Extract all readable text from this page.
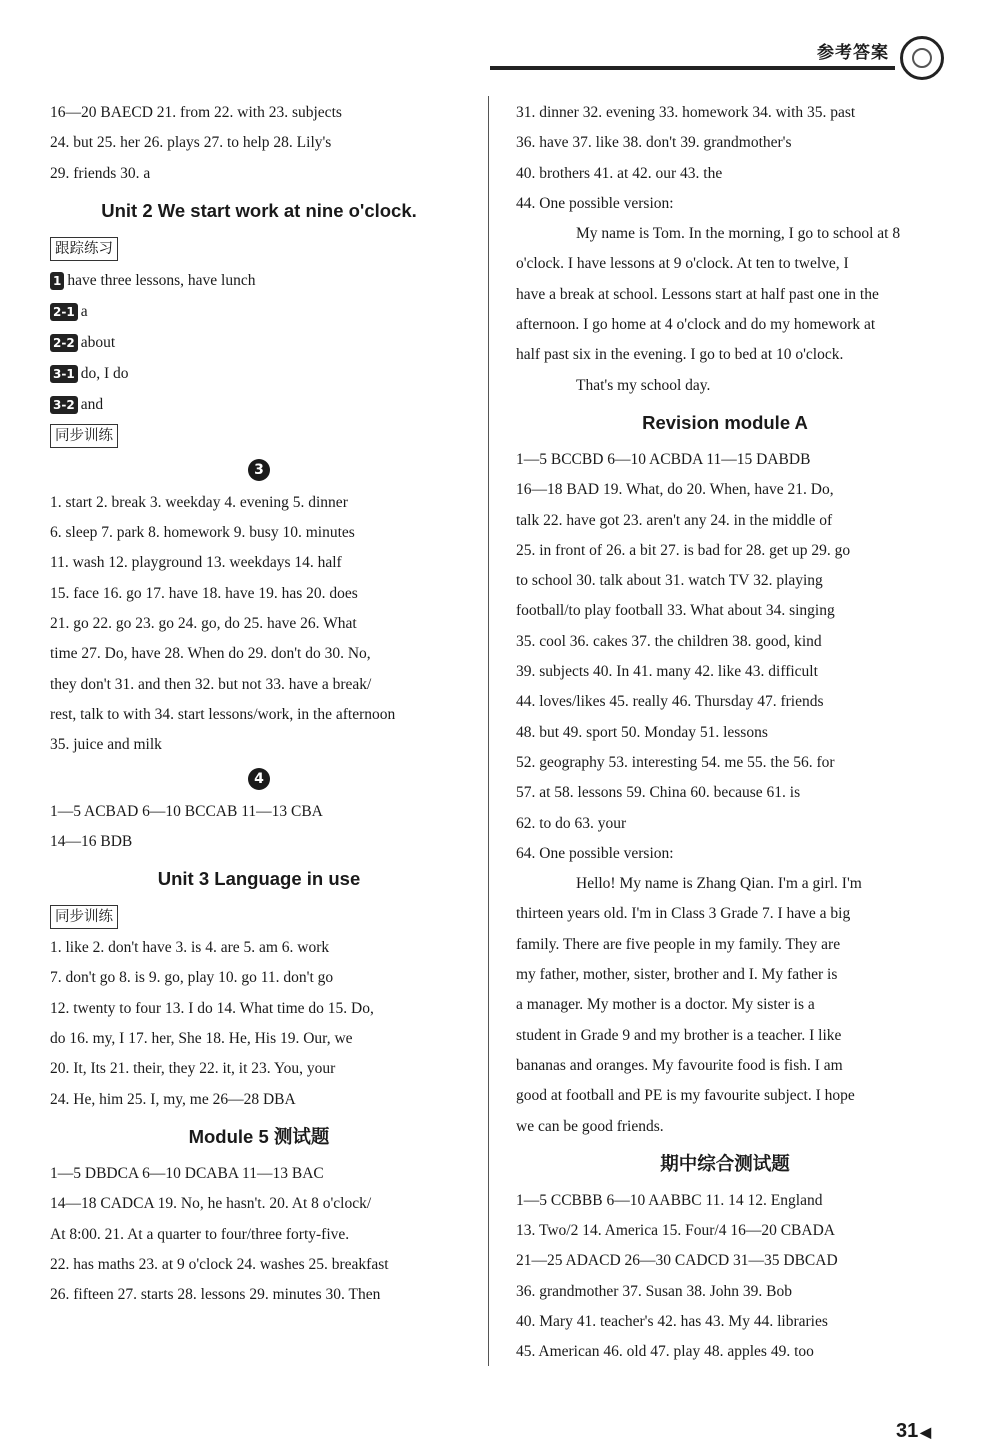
参考答案
16—20 BAECD 21. from 22. with 23. subjects
24. but 25. her 26. plays 27. to help 28. Lily's
29. friends 30. a
Unit 2 We start work at nine o'clock.
跟踪练习
1 have three lessons, have lunch
2-1 a
2-2 about
3-1 do, I do
3-2 and
同步训练
3
1. start 2. break 3. weekday 4. evening 5. dinner
6. sleep 7. park 8. homework 9. busy 10. minutes
11. wash 12. playground 13. weekdays 14. half
15. face 16. go 17. have 18. have 19. has 20. does
21. go 22. go 23. go 24. go, do 25. have 26. What
time 27. Do, have 28. When do 29. don't do 30. No,
they don't 31. and then 32. but not 33. have a break/
rest, talk to with 34. start lessons/work, in the afternoon
35. juice and milk
4
1—5 ACBAD 6—10 BCCAB 11—13 CBA
14—16 BDB
Unit 3 Language in use
同步训练
1. like 2. don't have 3. is 4. are 5. am 6. work
7. don't go 8. is 9. go, play 10. go 11. don't go
12. twenty to four 13. I do 14. What time do 15. Do,
do 16. my, I 17. her, She 18. He, His 19. Our, we
20. It, Its 21. their, they 22. it, it 23. You, your
24. He, him 25. I, my, me 26—28 DBA
Module 5 测试题
1—5 DBDCA 6—10 DCABA 11—13 BAC
14—18 CADCA 19. No, he hasn't. 20. At 8 o'clock/
At 8:00. 21. At a quarter to four/three forty-five.
22. has maths 23. at 9 o'clock 24. washes 25. breakfast
26. fifteen 27. starts 28. lessons 29. minutes 30. Then
31. dinner 32. evening 33. homework 34. with 35. past
36. have 37. like 38. don't 39. grandmother's
40. brothers 41. at 42. our 43. the
44. One possible version:
My name is Tom. In the morning, I go to school at 8
o'clock. I have lessons at 9 o'clock. At ten to twelve, I
have a break at school. Lessons start at half past one in the
afternoon. I go home at 4 o'clock and do my homework at
half past six in the evening. I go to bed at 10 o'clock.
That's my school day.
Revision module A
1—5 BCCBD 6—10 ACBDA 11—15 DABDB
16—18 BAD 19. What, do 20. When, have 21. Do,
talk 22. have got 23. aren't any 24. in the middle of
25. in front of 26. a bit 27. is bad for 28. get up 29. go
to school 30. talk about 31. watch TV 32. playing
football/to play football 33. What about 34. singing
35. cool 36. cakes 37. the children 38. good, kind
39. subjects 40. In 41. many 42. like 43. difficult
44. loves/likes 45. really 46. Thursday 47. friends
48. but 49. sport 50. Monday 51. lessons
52. geography 53. interesting 54. me 55. the 56. for
57. at 58. lessons 59. China 60. because 61. is
62. to do 63. your
64. One possible version:
Hello! My name is Zhang Qian. I'm a girl. I'm
thirteen years old. I'm in Class 3 Grade 7. I have a big
family. There are five people in my family. They are
my father, mother, sister, brother and I. My father is
a manager. My mother is a doctor. My sister is a
student in Grade 9 and my brother is a teacher. I like
bananas and oranges. My favourite food is fish. I am
good at football and PE is my favourite subject. I hope
we can be good friends.
期中综合测试题
1—5 CCBBB 6—10 AABBC 11. 14 12. England
13. Two/2 14. America 15. Four/4 16—20 CBADA
21—25 ADACD 26—30 CADCD 31—35 DBCAD
36. grandmother 37. Susan 38. John 39. Bob
40. Mary 41. teacher's 42. has 43. My 44. libraries
45. American 46. old 47. play 48. apples 49. too
31 ◀
